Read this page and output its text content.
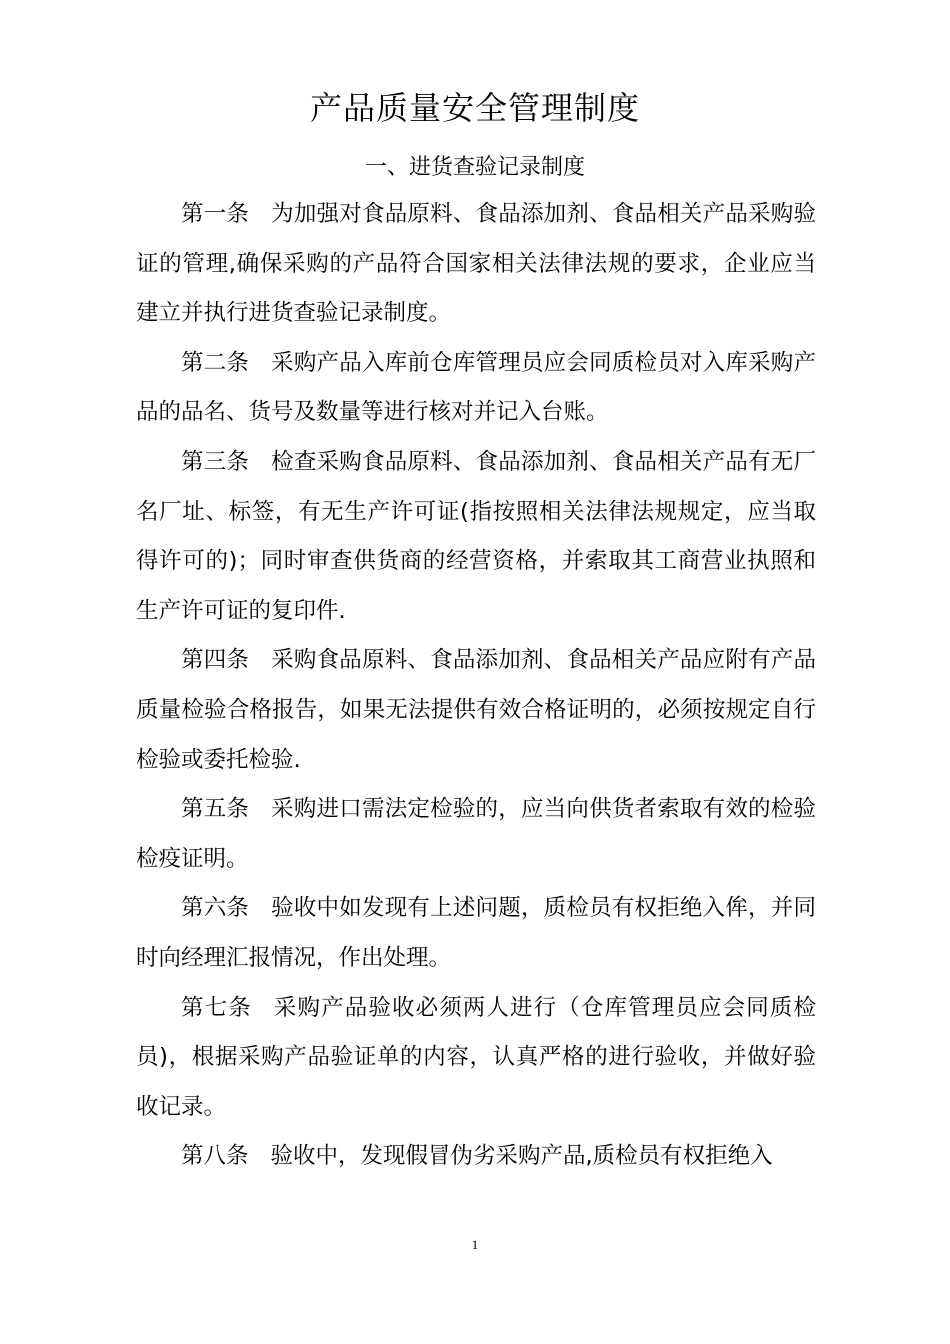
产品质量安全管理制度
一、进货查验记录制度

第一条 为加强对食品原料、食品添加剂、食品相关产品采购验证的管理,确保采购的产品符合国家相关法律法规的要求，企业应当建立并执行进货查验记录制度。

第二条 采购产品入库前仓库管理员应会同质检员对入库采购产品的品名、货号及数量等进行核对并记入台账。

第三条 检查采购食品原料、食品添加剂、食品相关产品有无厂名厂址、标签，有无生产许可证(指按照相关法律法规规定，应当取得许可的)；同时审查供货商的经营资格，并索取其工商营业执照和生产许可证的复印件.

第四条 采购食品原料、食品添加剂、食品相关产品应附有产品质量检验合格报告，如果无法提供有效合格证明的，必须按规定自行检验或委托检验.

第五条 采购进口需法定检验的，应当向供货者索取有效的检验检疫证明。

第六条 验收中如发现有上述问题，质检员有权拒绝入侔，并同时向经理汇报情况，作出处理。

第七条 采购产品验收必须两人进行（仓库管理员应会同质检员)，根据采购产品验证单的内容，认真严格的进行验收，并做好验收记录。

第八条 验收中，发现假冒伪劣采购产品,质检员有权拒绝入

1
